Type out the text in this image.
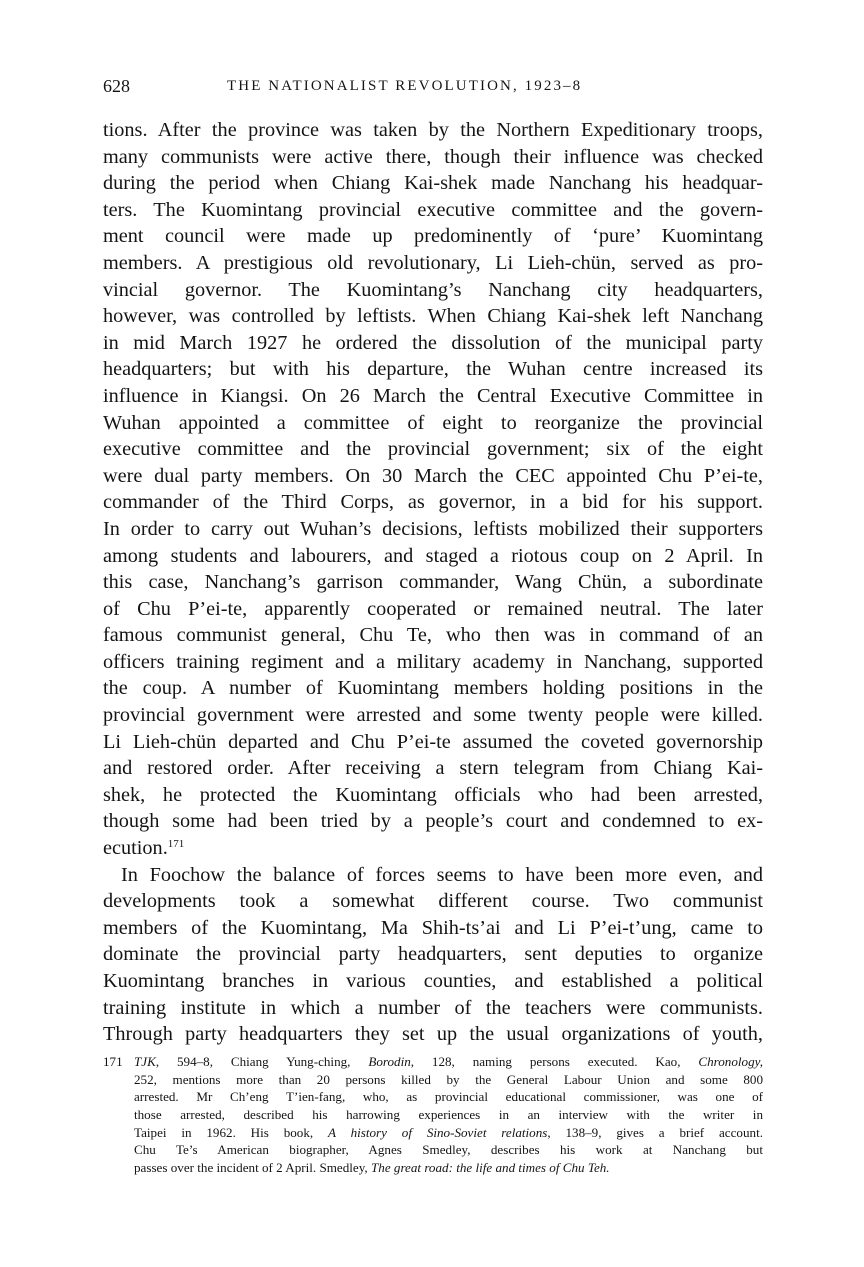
628	THE NATIONALIST REVOLUTION, 1923–8
tions. After the province was taken by the Northern Expeditionary troops,
many communists were active there, though their influence was checked
during the period when Chiang Kai-shek made Nanchang his headquar-
ters. The Kuomintang provincial executive committee and the govern-
ment council were made up predominently of ‘pure’ Kuomintang
members. A prestigious old revolutionary, Li Lieh-chün, served as pro-
vincial governor. The Kuomintang’s Nanchang city headquarters,
however, was controlled by leftists. When Chiang Kai-shek left Nanchang
in mid March 1927 he ordered the dissolution of the municipal party
headquarters; but with his departure, the Wuhan centre increased its
influence in Kiangsi. On 26 March the Central Executive Committee in
Wuhan appointed a committee of eight to reorganize the provincial
executive committee and the provincial government; six of the eight
were dual party members. On 30 March the CEC appointed Chu P’ei-te,
commander of the Third Corps, as governor, in a bid for his support.
In order to carry out Wuhan’s decisions, leftists mobilized their supporters
among students and labourers, and staged a riotous coup on 2 April. In
this case, Nanchang’s garrison commander, Wang Chün, a subordinate
of Chu P’ei-te, apparently cooperated or remained neutral. The later
famous communist general, Chu Te, who then was in command of an
officers training regiment and a military academy in Nanchang, supported
the coup. A number of Kuomintang members holding positions in the
provincial government were arrested and some twenty people were killed.
Li Lieh-chün departed and Chu P’ei-te assumed the coveted governorship
and restored order. After receiving a stern telegram from Chiang Kai-
shek, he protected the Kuomintang officials who had been arrested,
though some had been tried by a people’s court and condemned to ex-
ecution.$^{171}$
In Foochow the balance of forces seems to have been more even, and
developments took a somewhat different course. Two communist
members of the Kuomintang, Ma Shih-ts’ai and Li P’ei-t’ung, came to
dominate the provincial party headquarters, sent deputies to organize
Kuomintang branches in various counties, and established a political
training institute in which a number of the teachers were communists.
Through party headquarters they set up the usual organizations of youth,
171 TJK, 594–8, Chiang Yung-ching, Borodin, 128, naming persons executed. Kao, Chronology,
252, mentions more than 20 persons killed by the General Labour Union and some 800
arrested. Mr Ch’eng T’ien-fang, who, as provincial educational commissioner, was one of
those arrested, described his harrowing experiences in an interview with the writer in
Taipei in 1962. His book, A history of Sino-Soviet relations, 138–9, gives a brief account.
Chu Te’s American biographer, Agnes Smedley, describes his work at Nanchang but
passes over the incident of 2 April. Smedley, The great road: the life and times of Chu Teh.
